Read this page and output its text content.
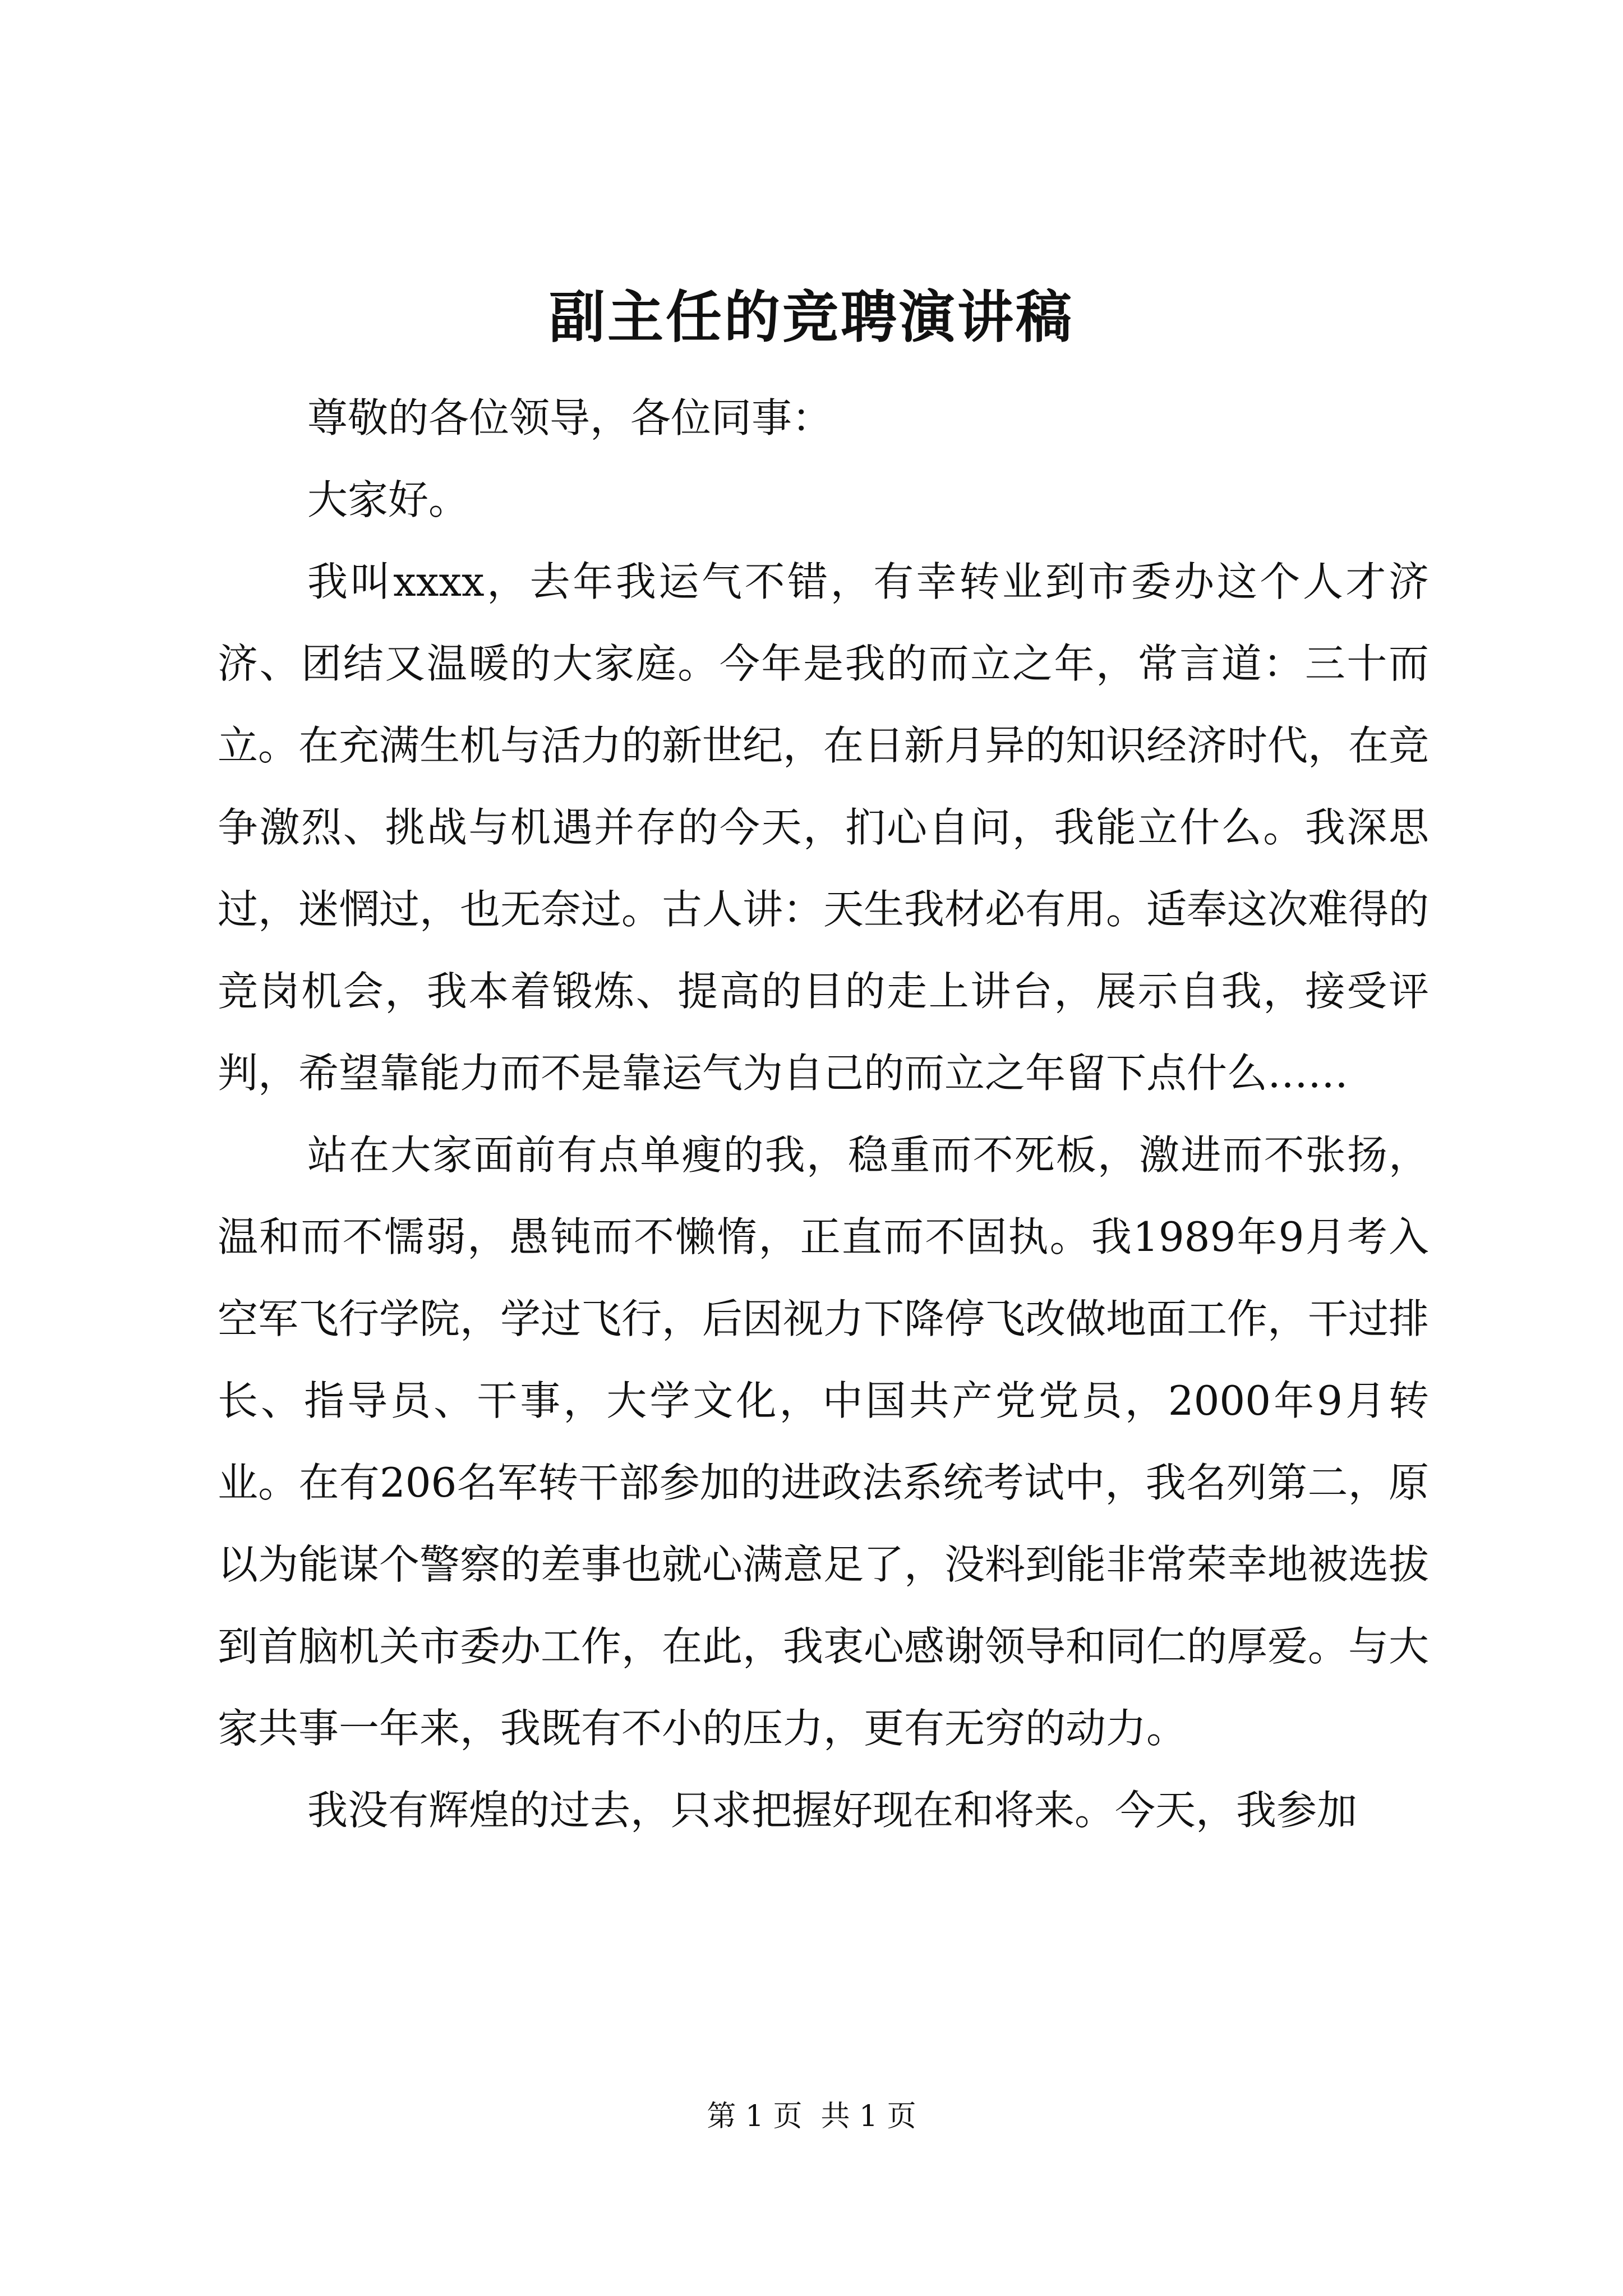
副主任的竞聘演讲稿

尊敬的各位领导，各位同事：

大家好。

我叫xxxx，去年我运气不错，有幸转业到市委办这个人才济济、团结又温暖的大家庭。今年是我的而立之年，常言道：三十而立。在充满生机与活力的新世纪，在日新月异的知识经济时代，在竞争激烈、挑战与机遇并存的今天，扪心自问，我能立什么。我深思过，迷惘过，也无奈过。古人讲：天生我材必有用。适奉这次难得的竞岗机会，我本着锻炼、提高的目的走上讲台，展示自我，接受评判，希望靠能力而不是靠运气为自己的而立之年留下点什么……

站在大家面前有点单瘦的我，稳重而不死板，激进而不张扬，温和而不懦弱，愚钝而不懒惰，正直而不固执。我1989年9月考入空军飞行学院，学过飞行，后因视力下降停飞改做地面工作，干过排长、指导员、干事，大学文化，中国共产党党员，2000年9月转业。在有206名军转干部参加的进政法系统考试中，我名列第二，原以为能谋个警察的差事也就心满意足了，没料到能非常荣幸地被选拔到首脑机关市委办工作，在此，我衷心感谢领导和同仁的厚爱。与大家共事一年来，我既有不小的压力，更有无穷的动力。

我没有辉煌的过去，只求把握好现在和将来。今天，我参加

第 1 页  共 1 页
